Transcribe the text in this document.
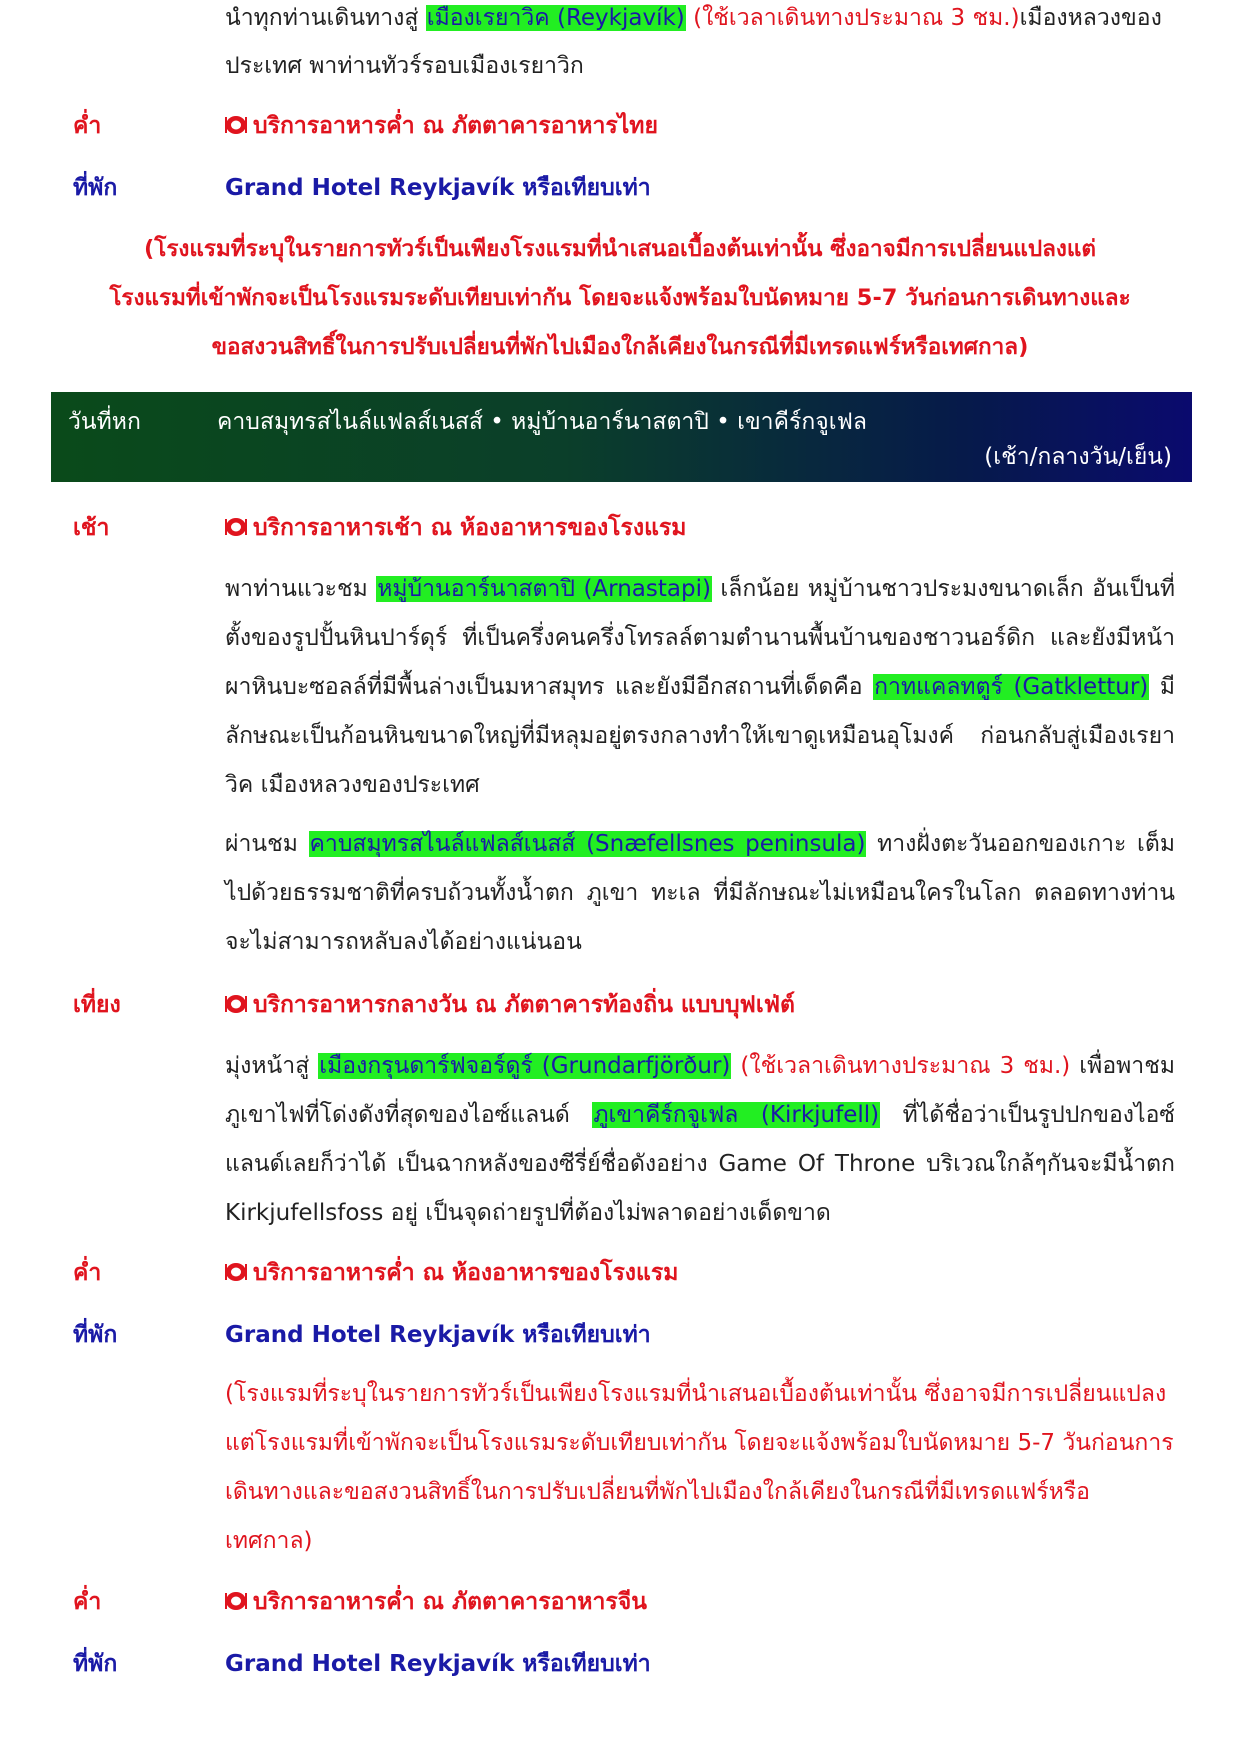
นำทุกท่านเดินทางสู่ เมืองเรยาวิค (Reykjavík) (ใช้เวลาเดินทางประมาณ 3 ชม.)เมืองหลวงของประเทศ พาท่านทัวร์รอบเมืองเรยาวิก
ค่ำ	บริการอาหารค่ำ ณ ภัตตาคารอาหารไทย
ที่พัก	Grand Hotel Reykjavík หรือเทียบเท่า
(โรงแรมที่ระบุในรายการทัวร์เป็นเพียงโรงแรมที่นำเสนอเบื้องต้นเท่านั้น ซึ่งอาจมีการเปลี่ยนแปลงแต่
โรงแรมที่เข้าพักจะเป็นโรงแรมระดับเทียบเท่ากัน โดยจะแจ้งพร้อมใบนัดหมาย 5-7 วันก่อนการเดินทางและ
ขอสงวนสิทธิ์ในการปรับเปลี่ยนที่พักไปเมืองใกล้เคียงในกรณีที่มีเทรดแฟร์หรือเทศกาล)
วันที่หก	คาบสมุทรสไนล์แฟลส์เนสส์ • หมู่บ้านอาร์นาสตาปิ • เขาคีร์กจูเฟล
(เช้า/กลางวัน/เย็น)
เช้า	บริการอาหารเช้า ณ ห้องอาหารของโรงแรม
พาท่านแวะชม หมู่บ้านอาร์นาสตาปิ (Arnastapi) เล็กน้อย หมู่บ้านชาวประมงขนาดเล็ก อันเป็นที่ตั้งของรูปปั้นหินปาร์ดุร์ ที่เป็นครึ่งคนครึ่งโทรลล์ตามตำนานพื้นบ้านของชาวนอร์ดิก และยังมีหน้าผาหินบะซอลล์ที่มีพื้นล่างเป็นมหาสมุทร และยังมีอีกสถานที่เด็ดคือ กาทแคลทตูร์ (Gatklettur) มีลักษณะเป็นก้อนหินขนาดใหญ่ที่มีหลุมอยู่ตรงกลางทำให้เขาดูเหมือนอุโมงค์ ก่อนกลับสู่เมืองเรยาวิค เมืองหลวงของประเทศ
ผ่านชม คาบสมุทรสไนล์แฟลส์เนสส์ (Snæfellsnes peninsula) ทางฝั่งตะวันออกของเกาะ เต็มไปด้วยธรรมชาติที่ครบถ้วนทั้งน้ำตก ภูเขา ทะเล ที่มีลักษณะไม่เหมือนใครในโลก ตลอดทางท่านจะไม่สามารถหลับลงได้อย่างแน่นอน
เที่ยง	บริการอาหารกลางวัน ณ ภัตตาคารท้องถิ่น แบบบุฟเฟ่ต์
มุ่งหน้าสู่ เมืองกรุนดาร์ฟจอร์ดูร์ (Grundarfjörður) (ใช้เวลาเดินทางประมาณ 3 ชม.) เพื่อพาชมภูเขาไฟที่โด่งดังที่สุดของไอซ์แลนด์ ภูเขาคีร์กจูเฟล (Kirkjufell) ที่ได้ชื่อว่าเป็นรูปปกของไอซ์แลนด์เลยก็ว่าได้ เป็นฉากหลังของซีรี่ย์ชื่อดังอย่าง Game Of Throne บริเวณใกล้ๆกันจะมีน้ำตก Kirkjufellsfoss อยู่ เป็นจุดถ่ายรูปที่ต้องไม่พลาดอย่างเด็ดขาด
ค่ำ	บริการอาหารค่ำ ณ ห้องอาหารของโรงแรม
ที่พัก	Grand Hotel Reykjavík หรือเทียบเท่า
(โรงแรมที่ระบุในรายการทัวร์เป็นเพียงโรงแรมที่นำเสนอเบื้องต้นเท่านั้น ซึ่งอาจมีการเปลี่ยนแปลงแต่โรงแรมที่เข้าพักจะเป็นโรงแรมระดับเทียบเท่ากัน โดยจะแจ้งพร้อมใบนัดหมาย 5-7 วันก่อนการเดินทางและขอสงวนสิทธิ์ในการปรับเปลี่ยนที่พักไปเมืองใกล้เคียงในกรณีที่มีเทรดแฟร์หรือเทศกาล)
ค่ำ	บริการอาหารค่ำ ณ ภัตตาคารอาหารจีน
ที่พัก	Grand Hotel Reykjavík หรือเทียบเท่า
